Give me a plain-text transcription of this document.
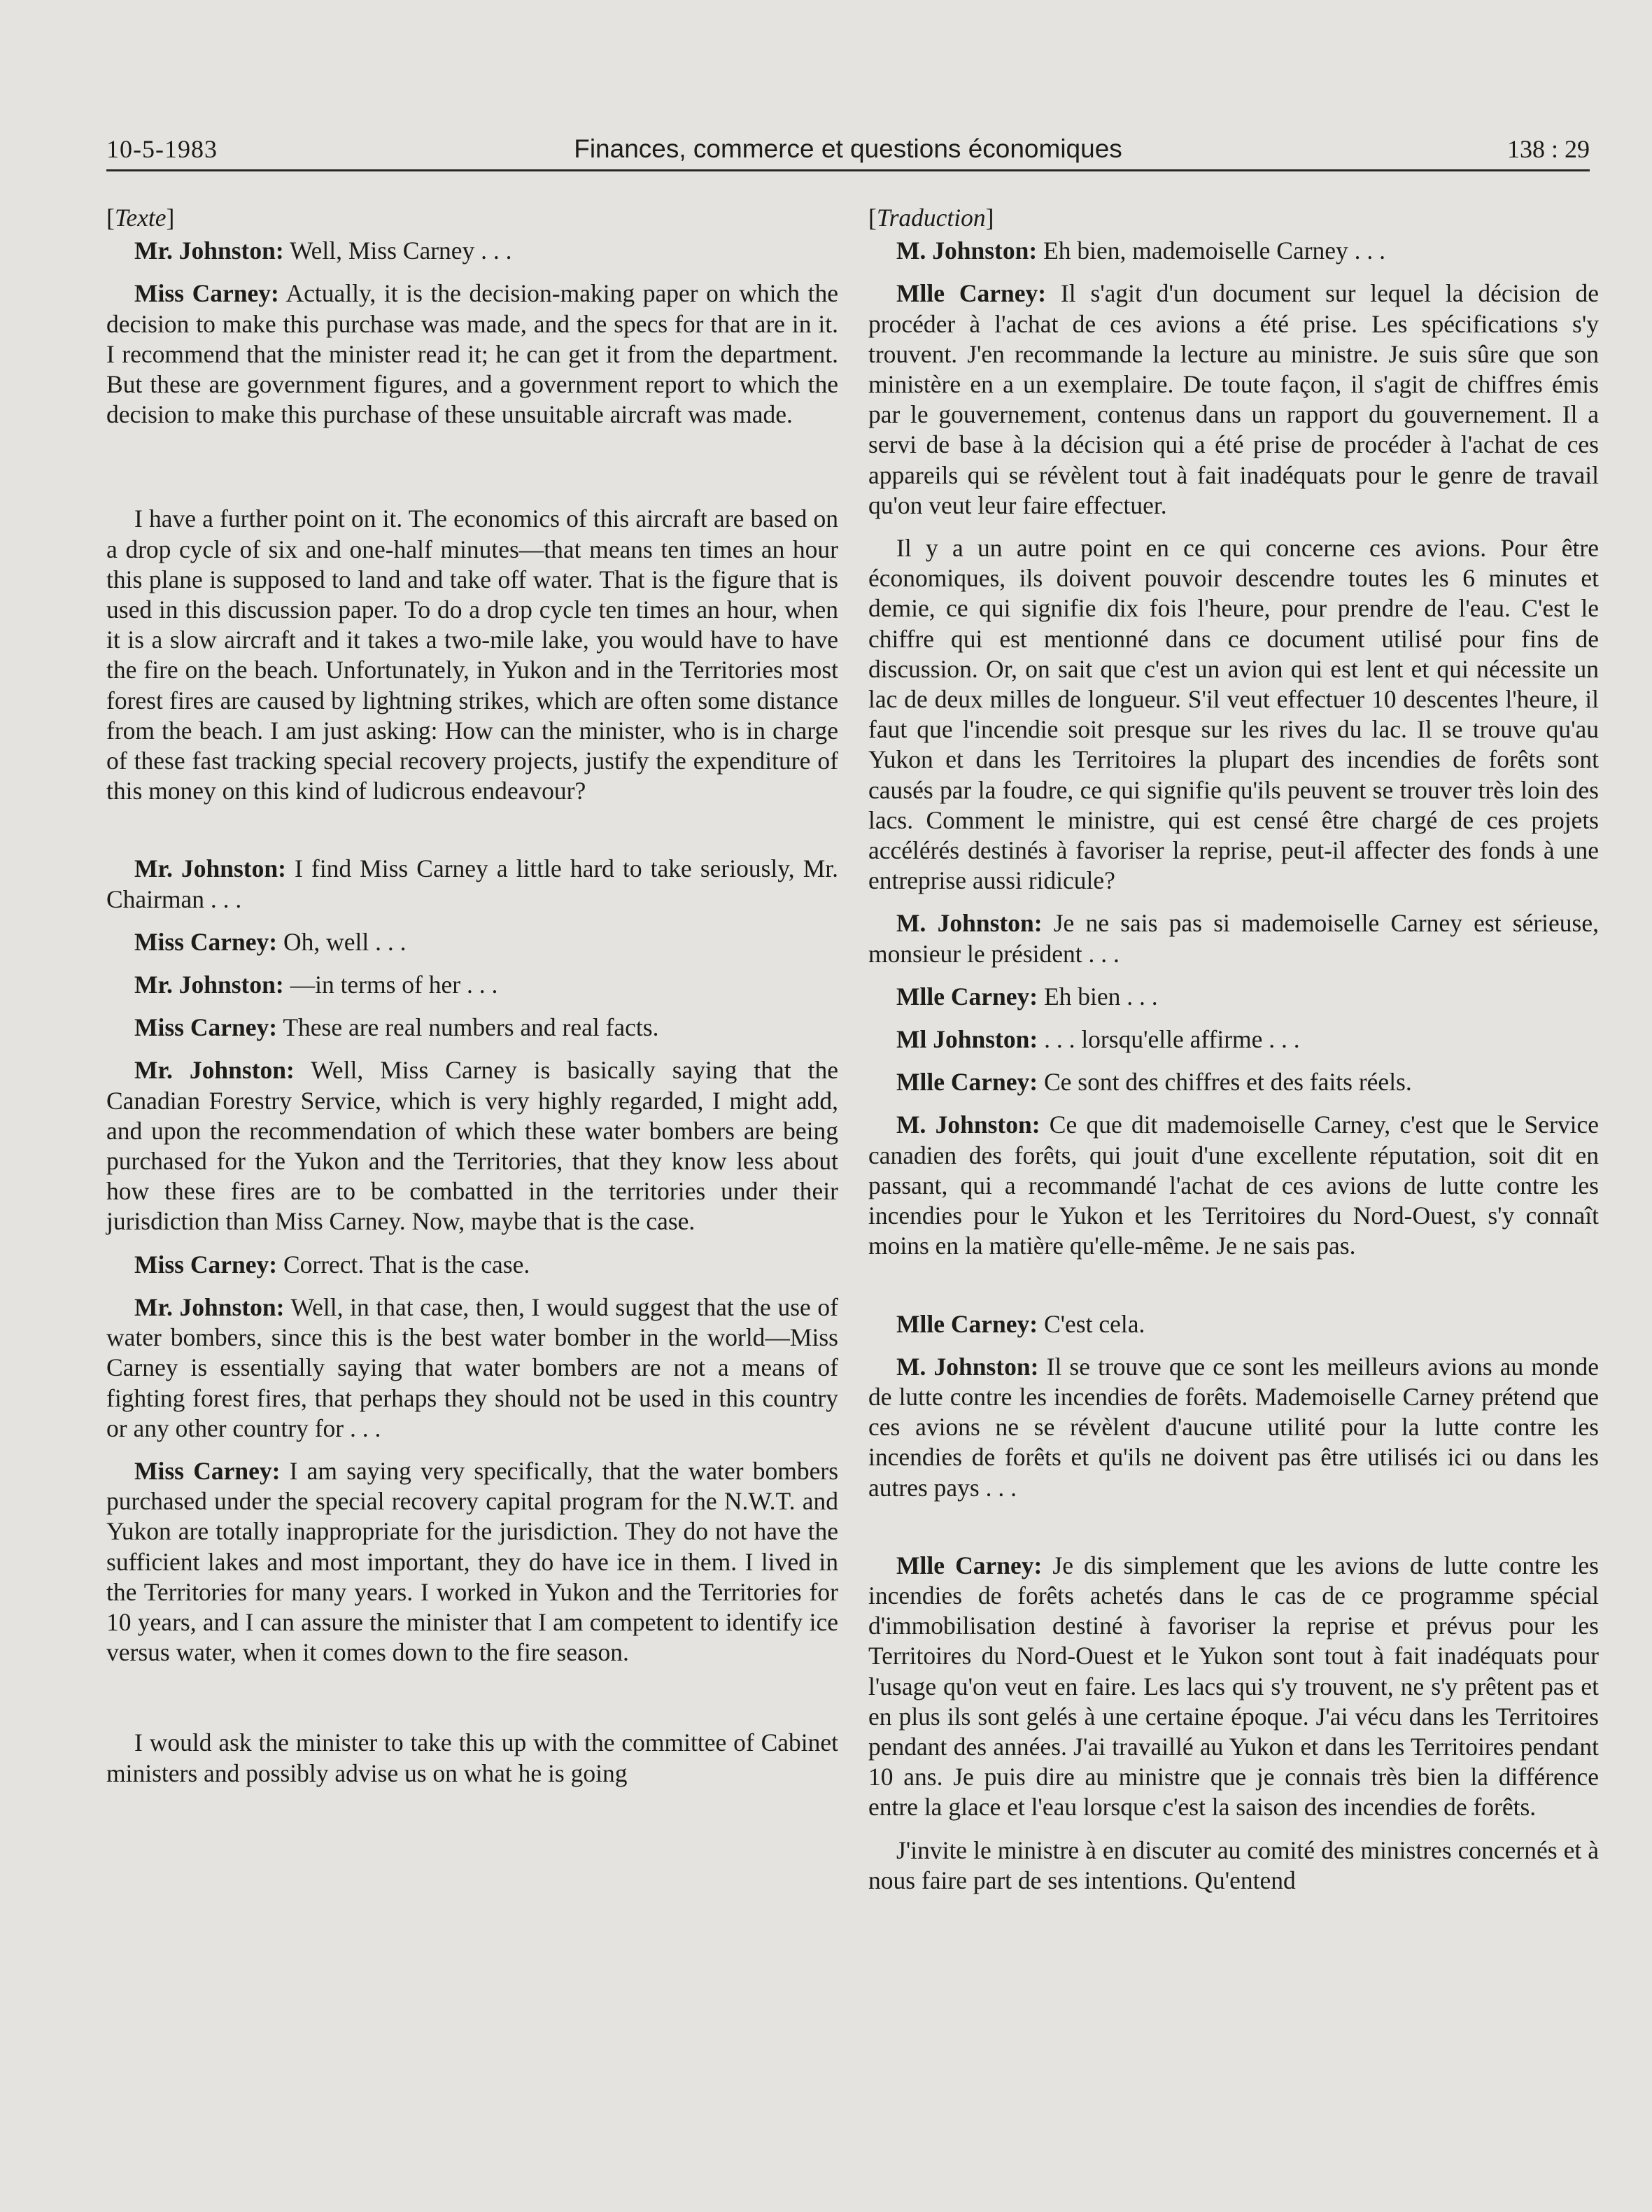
10-5-1983	Finances, commerce et questions économiques	138 : 29

[Texte]

Mr. Johnston: Well, Miss Carney . . .

Miss Carney: Actually, it is the decision-making paper on which the decision to make this purchase was made, and the specs for that are in it. I recommend that the minister read it; he can get it from the department. But these are government figures, and a government report to which the decision to make this purchase of these unsuitable aircraft was made.

I have a further point on it. The economics of this aircraft are based on a drop cycle of six and one-half minutes—that means ten times an hour this plane is supposed to land and take off water. That is the figure that is used in this discussion paper. To do a drop cycle ten times an hour, when it is a slow aircraft and it takes a two-mile lake, you would have to have the fire on the beach. Unfortunately, in Yukon and in the Territories most forest fires are caused by lightning strikes, which are often some distance from the beach. I am just asking: How can the minister, who is in charge of these fast tracking special recovery projects, justify the expenditure of this money on this kind of ludicrous endeavour?

Mr. Johnston: I find Miss Carney a little hard to take seriously, Mr. Chairman . . .

Miss Carney: Oh, well . . .

Mr. Johnston: —in terms of her . . .

Miss Carney: These are real numbers and real facts.

Mr. Johnston: Well, Miss Carney is basically saying that the Canadian Forestry Service, which is very highly regarded, I might add, and upon the recommendation of which these water bombers are being purchased for the Yukon and the Territories, that they know less about how these fires are to be combatted in the territories under their jurisdiction than Miss Carney. Now, maybe that is the case.

Miss Carney: Correct. That is the case.

Mr. Johnston: Well, in that case, then, I would suggest that the use of water bombers, since this is the best water bomber in the world—Miss Carney is essentially saying that water bombers are not a means of fighting forest fires, that perhaps they should not be used in this country or any other country for . . .

Miss Carney: I am saying very specifically, that the water bombers purchased under the special recovery capital program for the N.W.T. and Yukon are totally inappropriate for the jurisdiction. They do not have the sufficient lakes and most important, they do have ice in them. I lived in the Territories for many years. I worked in Yukon and the Territories for 10 years, and I can assure the minister that I am competent to identify ice versus water, when it comes down to the fire season.

I would ask the minister to take this up with the committee of Cabinet ministers and possibly advise us on what he is going

[Traduction]

M. Johnston: Eh bien, mademoiselle Carney . . .

Mlle Carney: Il s'agit d'un document sur lequel la décision de procéder à l'achat de ces avions a été prise. Les spécifications s'y trouvent. J'en recommande la lecture au ministre. Je suis sûre que son ministère en a un exemplaire. De toute façon, il s'agit de chiffres émis par le gouvernement, contenus dans un rapport du gouvernement. Il a servi de base à la décision qui a été prise de procéder à l'achat de ces appareils qui se révèlent tout à fait inadéquats pour le genre de travail qu'on veut leur faire effectuer.

Il y a un autre point en ce qui concerne ces avions. Pour être économiques, ils doivent pouvoir descendre toutes les 6 minutes et demie, ce qui signifie dix fois l'heure, pour prendre de l'eau. C'est le chiffre qui est mentionné dans ce document utilisé pour fins de discussion. Or, on sait que c'est un avion qui est lent et qui nécessite un lac de deux milles de longueur. S'il veut effectuer 10 descentes l'heure, il faut que l'incendie soit presque sur les rives du lac. Il se trouve qu'au Yukon et dans les Territoires la plupart des incendies de forêts sont causés par la foudre, ce qui signifie qu'ils peuvent se trouver très loin des lacs. Comment le ministre, qui est censé être chargé de ces projets accélérés destinés à favoriser la reprise, peut-il affecter des fonds à une entreprise aussi ridicule?

M. Johnston: Je ne sais pas si mademoiselle Carney est sérieuse, monsieur le président . . .

Mlle Carney: Eh bien . . .

Ml Johnston: . . . lorsqu'elle affirme . . .

Mlle Carney: Ce sont des chiffres et des faits réels.

M. Johnston: Ce que dit mademoiselle Carney, c'est que le Service canadien des forêts, qui jouit d'une excellente réputation, soit dit en passant, qui a recommandé l'achat de ces avions de lutte contre les incendies pour le Yukon et les Territoires du Nord-Ouest, s'y connaît moins en la matière qu'elle-même. Je ne sais pas.

Mlle Carney: C'est cela.

M. Johnston: Il se trouve que ce sont les meilleurs avions au monde de lutte contre les incendies de forêts. Mademoiselle Carney prétend que ces avions ne se révèlent d'aucune utilité pour la lutte contre les incendies de forêts et qu'ils ne doivent pas être utilisés ici ou dans les autres pays . . .

Mlle Carney: Je dis simplement que les avions de lutte contre les incendies de forêts achetés dans le cas de ce programme spécial d'immobilisation destiné à favoriser la reprise et prévus pour les Territoires du Nord-Ouest et le Yukon sont tout à fait inadéquats pour l'usage qu'on veut en faire. Les lacs qui s'y trouvent, ne s'y prêtent pas et en plus ils sont gelés à une certaine époque. J'ai vécu dans les Territoires pendant des années. J'ai travaillé au Yukon et dans les Territoires pendant 10 ans. Je puis dire au ministre que je connais très bien la différence entre la glace et l'eau lorsque c'est la saison des incendies de forêts.

J'invite le ministre à en discuter au comité des ministres concernés et à nous faire part de ses intentions. Qu'entend
